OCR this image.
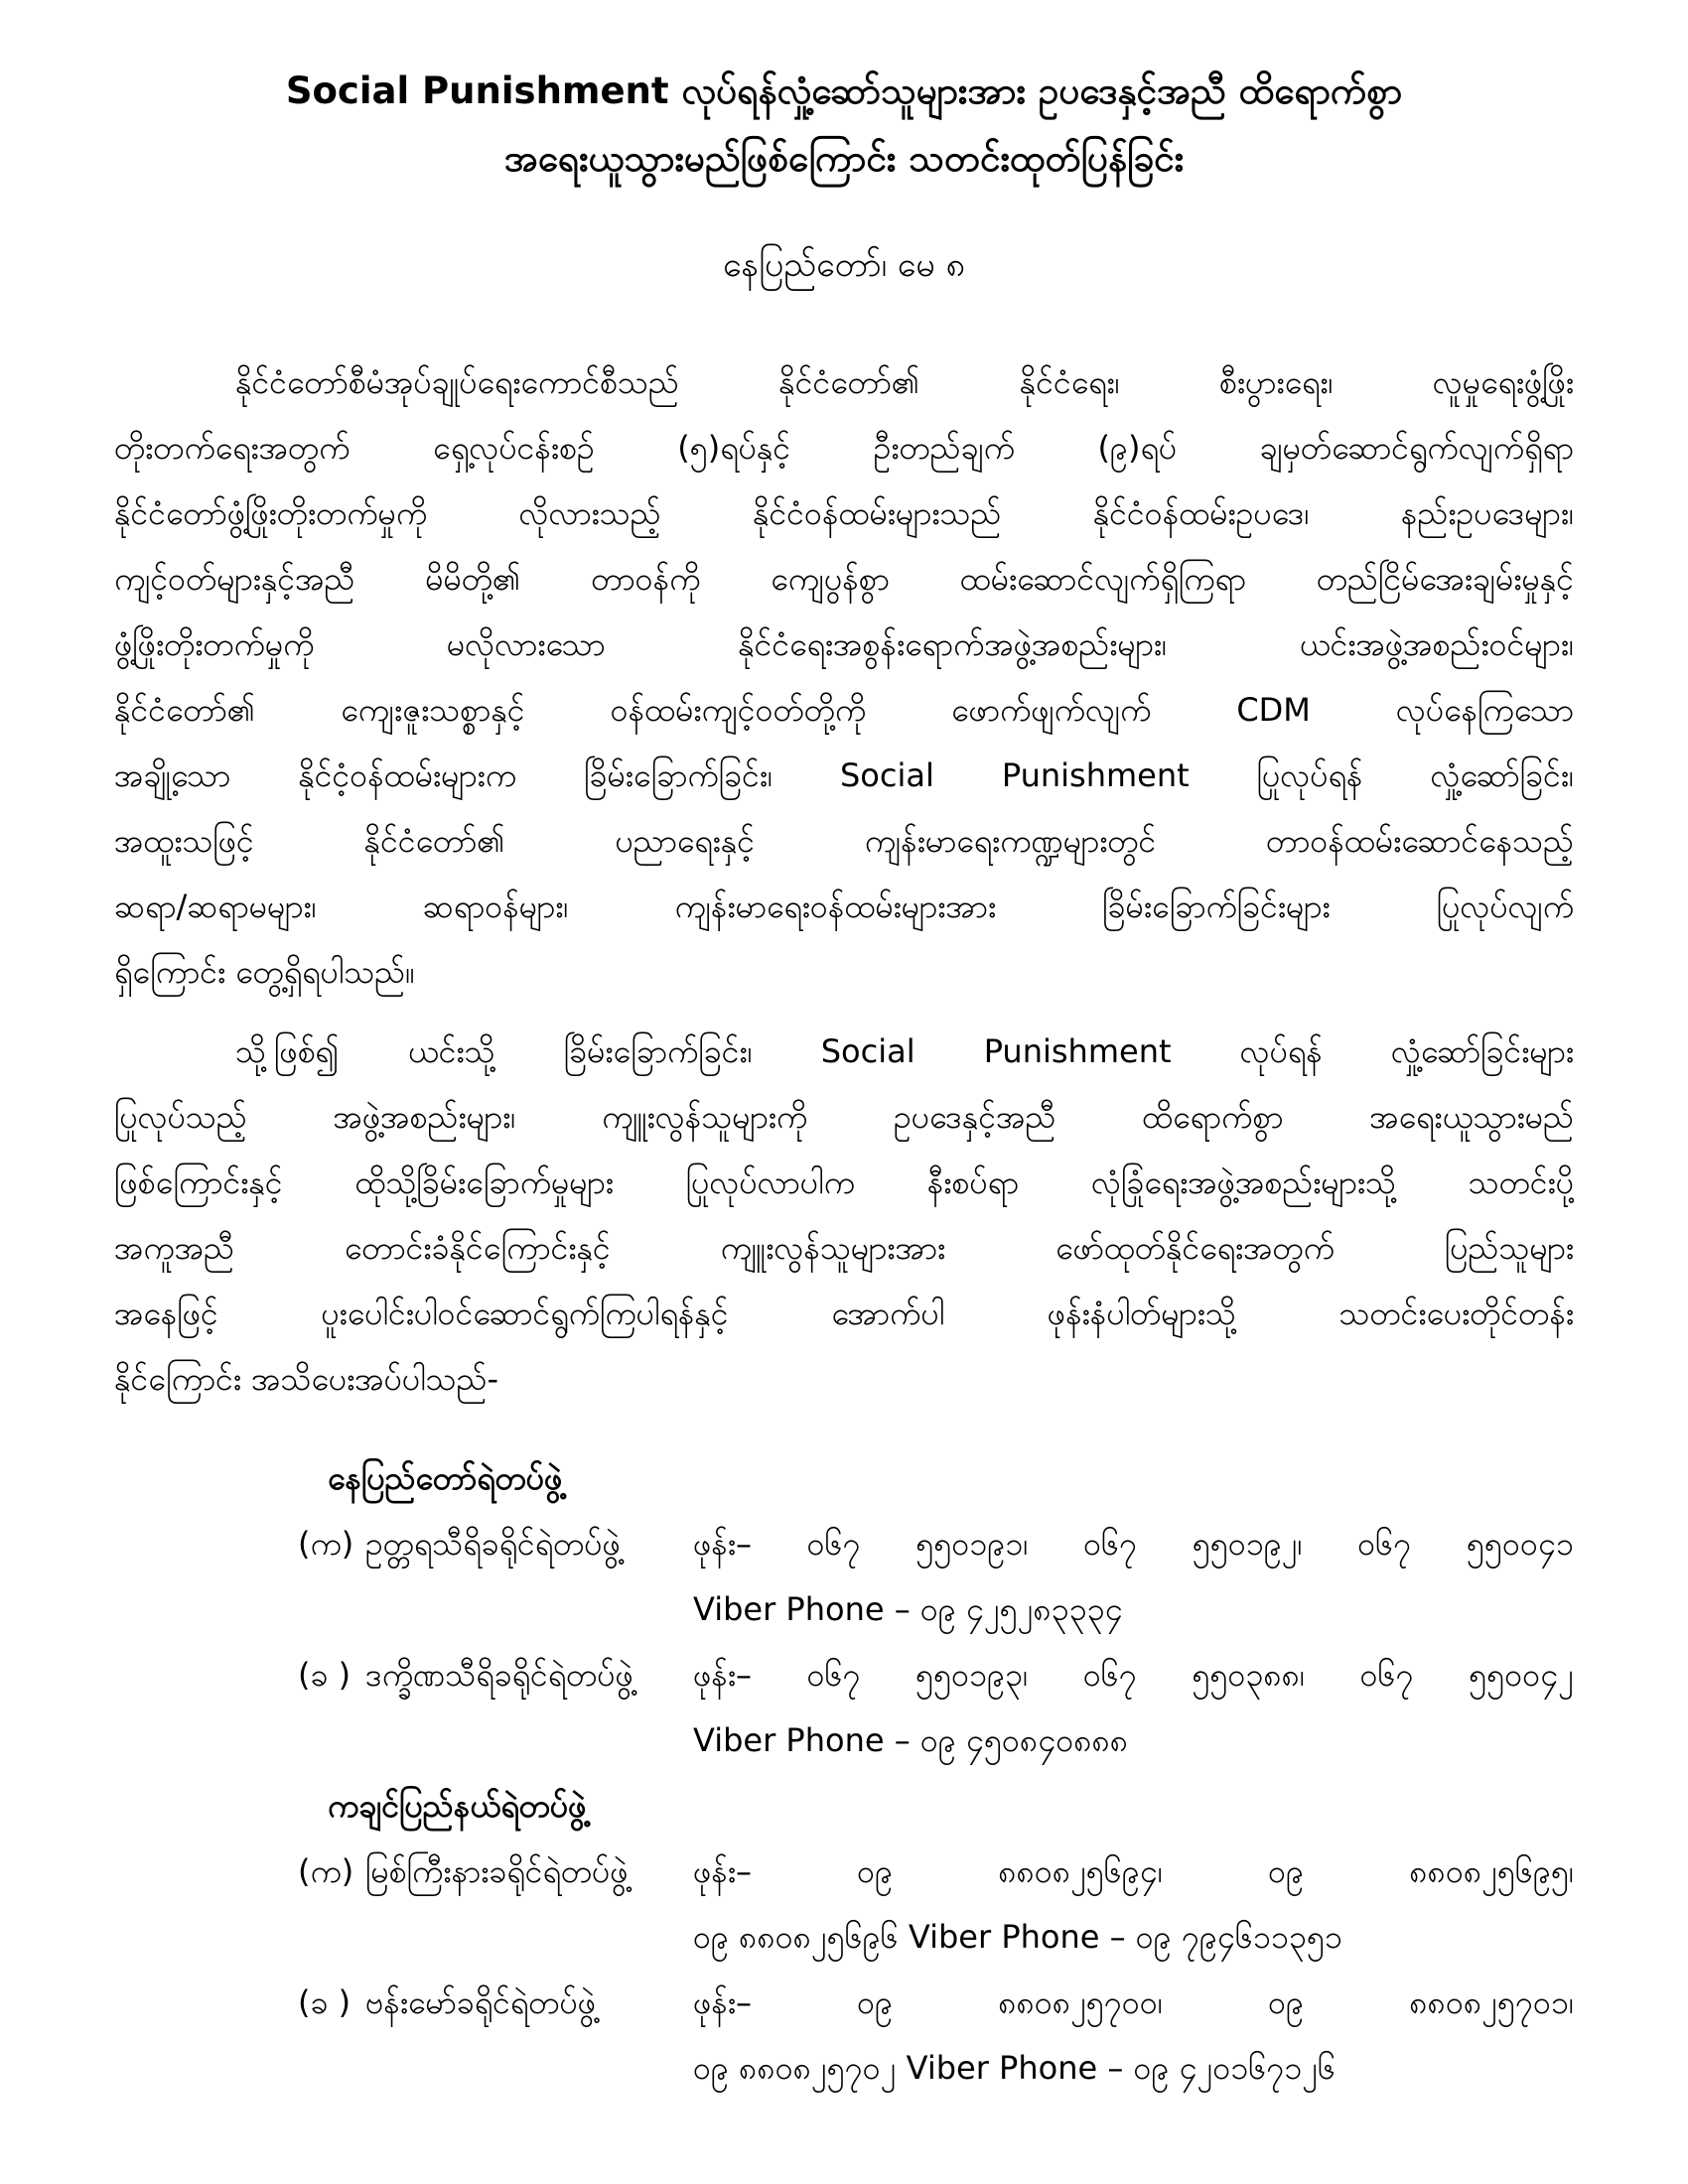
Social Punishment လုပ်ရန်လှုံ့ဆော်သူများအား ဥပဒေနှင့်အညီ ထိရောက်စွာ
အရေးယူသွားမည်ဖြစ်ကြောင်း သတင်းထုတ်ပြန်ခြင်း
နေပြည်တော်၊ မေ ၈
နိုင်ငံတော်စီမံအုပ်ချုပ်ရေးကောင်စီသည် နိုင်ငံတော်၏ နိုင်ငံရေး၊ စီးပွားရေး၊ လူမှုရေးဖွံ့ဖြိုး
တိုးတက်ရေးအတွက် ရှေ့လုပ်ငန်းစဉ် (၅)ရပ်နှင့် ဦးတည်ချက် (၉)ရပ် ချမှတ်ဆောင်ရွက်လျက်ရှိရာ
နိုင်ငံတော်ဖွံ့ဖြိုးတိုးတက်မှုကို လိုလားသည့် နိုင်ငံဝန်ထမ်းများသည် နိုင်ငံဝန်ထမ်းဥပဒေ၊ နည်းဥပဒေများ၊
ကျင့်ဝတ်များနှင့်အညီ မိမိတို့၏ တာဝန်ကို ကျေပွန်စွာ ထမ်းဆောင်လျက်ရှိကြရာ တည်ငြိမ်အေးချမ်းမှုနှင့်
ဖွံ့ဖြိုးတိုးတက်မှုကို မလိုလားသော နိုင်ငံရေးအစွန်းရောက်အဖွဲ့အစည်းများ၊ ယင်းအဖွဲ့အစည်းဝင်များ၊
နိုင်ငံတော်၏ ကျေးဇူးသစ္စာနှင့် ဝန်ထမ်းကျင့်ဝတ်တို့ကို ဖောက်ဖျက်လျက် CDM လုပ်နေကြသော
အချို့သော နိုင်ငံ့ဝန်ထမ်းများက ခြိမ်းခြောက်ခြင်း၊ Social Punishment ပြုလုပ်ရန် လှုံ့ဆော်ခြင်း၊
အထူးသဖြင့် နိုင်ငံတော်၏ ပညာရေးနှင့် ကျန်းမာရေးကဏ္ဍများတွင် တာဝန်ထမ်းဆောင်နေသည့်
ဆရာ/ဆရာမများ၊ ဆရာဝန်များ၊ ကျန်းမာရေးဝန်ထမ်းများအား ခြိမ်းခြောက်ခြင်းများ ပြုလုပ်လျက်
ရှိကြောင်း တွေ့ရှိရပါသည်။
သို့ဖြစ်၍ ယင်းသို့ ခြိမ်းခြောက်ခြင်း၊ Social Punishment လုပ်ရန် လှုံ့ဆော်ခြင်းများ
ပြုလုပ်သည့် အဖွဲ့အစည်းများ၊ ကျူးလွန်သူများကို ဥပဒေနှင့်အညီ ထိရောက်စွာ အရေးယူသွားမည်
ဖြစ်ကြောင်းနှင့် ထိုသို့ခြိမ်းခြောက်မှုများ ပြုလုပ်လာပါက နီးစပ်ရာ လုံခြုံရေးအဖွဲ့အစည်းများသို့ သတင်းပို့
အကူအညီ တောင်းခံနိုင်ကြောင်းနှင့် ကျူးလွန်သူများအား ဖော်ထုတ်နိုင်ရေးအတွက် ပြည်သူများ
အနေဖြင့် ပူးပေါင်းပါဝင်ဆောင်ရွက်ကြပါရန်နှင့် အောက်ပါ ဖုန်းနံပါတ်များသို့ သတင်းပေးတိုင်တန်း
နိုင်ကြောင်း အသိပေးအပ်ပါသည်-
နေပြည်တော်ရဲတပ်ဖွဲ့
(က) ဥတ္တရသီရိခရိုင်ရဲတပ်ဖွဲ့	ဖုန်း– ၀၆၇ ၅၅၀၁၉၁၊ ၀၆၇ ၅၅၀၁၉၂၊ ၀၆၇ ၅၅၀၀၄၁
Viber Phone – ၀၉ ၄၂၅၂၈၃၃၃၄
(ခ ) ဒက္ခိဏသီရိခရိုင်ရဲတပ်ဖွဲ့	ဖုန်း– ၀၆၇ ၅၅၀၁၉၃၊ ၀၆၇ ၅၅၀၃၈၈၊ ၀၆၇ ၅၅၀၀၄၂
Viber Phone – ၀၉ ၄၅၀၈၄၀၈၈၈
ကချင်ပြည်နယ်ရဲတပ်ဖွဲ့
(က) မြစ်ကြီးနားခရိုင်ရဲတပ်ဖွဲ့	ဖုန်း– ၀၉ ၈၈၀၈၂၅၆၉၄၊ ၀၉ ၈၈၀၈၂၅၆၉၅၊
၀၉ ၈၈၀၈၂၅၆၉၆ Viber Phone – ၀၉ ၇၉၄၆၁၁၃၅၁
(ခ ) ဗန်းမော်ခရိုင်ရဲတပ်ဖွဲ့	ဖုန်း– ၀၉ ၈၈၀၈၂၅၇၀၀၊ ၀၉ ၈၈၀၈၂၅၇၀၁၊
၀၉ ၈၈၀၈၂၅၇၀၂ Viber Phone – ၀၉ ၄၂၀၁၆၇၁၂၆
